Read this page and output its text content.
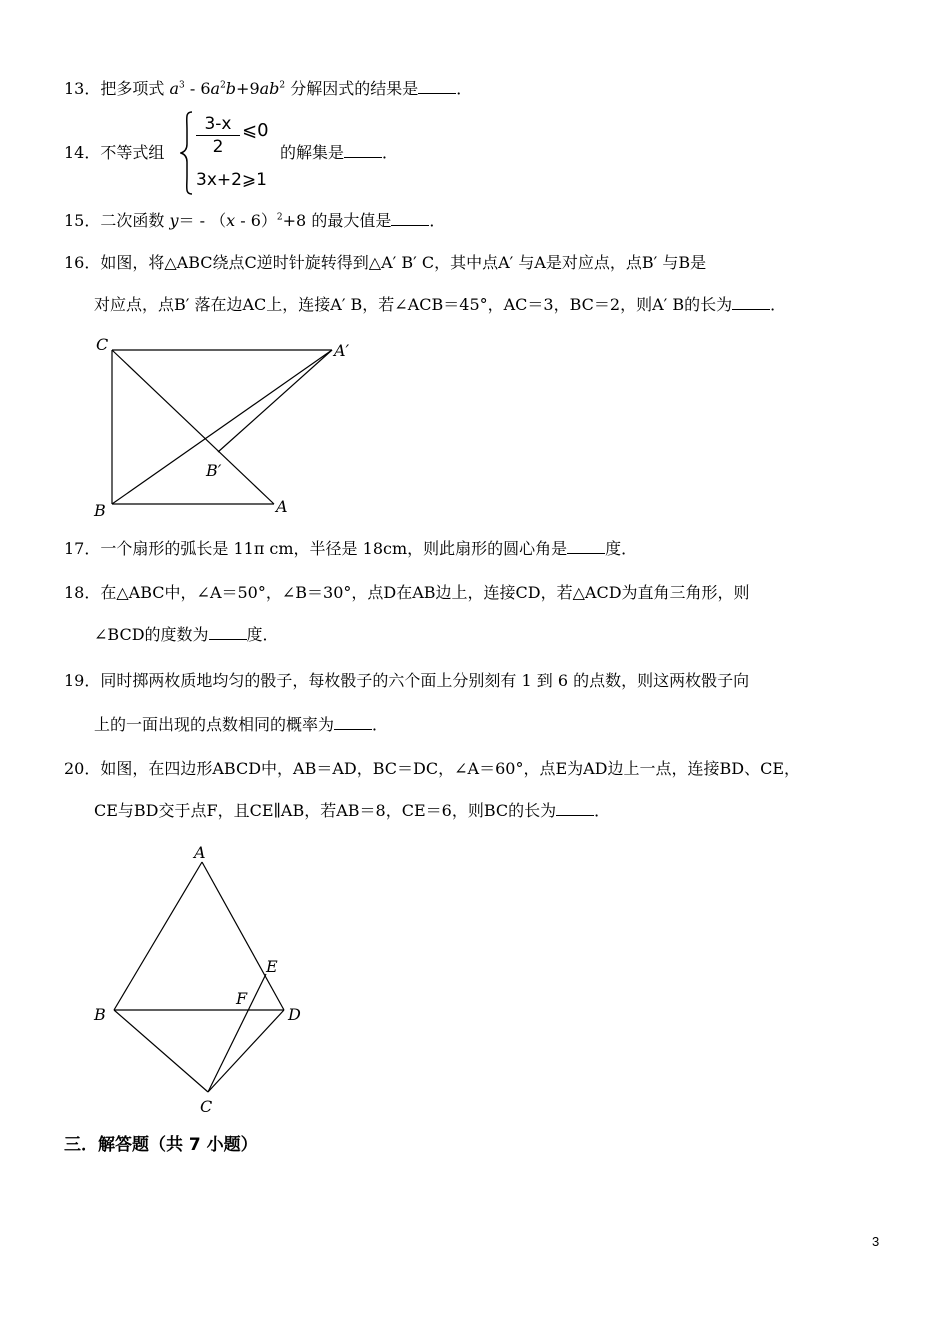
13．把多项式 $a^3 - 6a^2b+9ab^2$ 分解因式的结果是 ．
14．不等式组
3-x
2
⩽0
3x+2⩾1
的解集是 ．
15．二次函数 y＝ - （x - 6）$^2$+8 的最大值是 ．
16．如图，将△ABC绕点C逆时针旋转得到△A′ B′ C，其中点A′ 与A是对应点，点B′ 与B是
对应点，点B′ 落在边AC上，连接A′ B，若∠ACB＝45°，AC＝3，BC＝2，则A′ B的长为 ．
C	A′
B′
B	A
17．一个扇形的弧长是 11π cm，半径是 18cm，则此扇形的圆心角是 度．
18．在△ABC中，∠A＝50°，∠B＝30°，点D在AB边上，连接CD，若△ACD为直角三角形，则
∠BCD的度数为 度．
19．同时掷两枚质地均匀的骰子，每枚骰子的六个面上分别刻有 1 到 6 的点数，则这两枚骰子向
上的一面出现的点数相同的概率为 ．
20．如图，在四边形ABCD中，AB＝AD，BC＝DC，∠A＝60°，点E为AD边上一点，连接BD、CE，
CE与BD交于点F，且CE∥AB，若AB＝8，CE＝6，则BC的长为 ．
A
E
F
B	D
C
三．解答题（共 7 小题）
3
